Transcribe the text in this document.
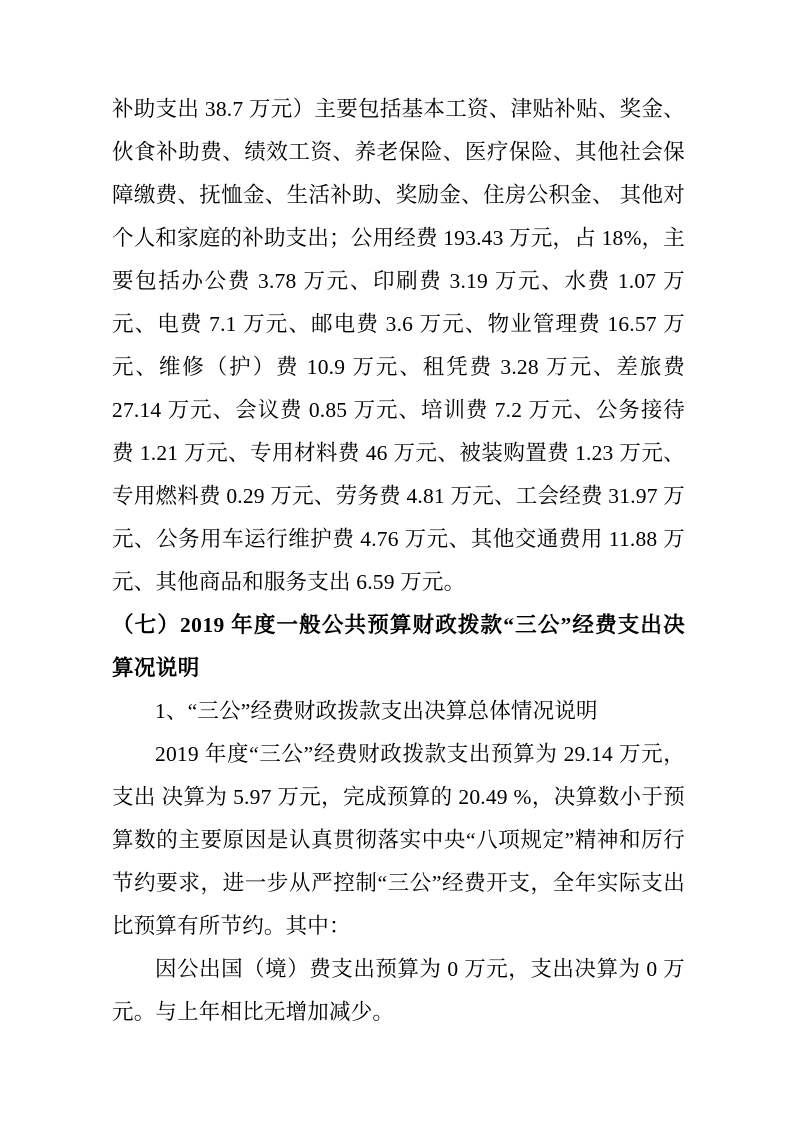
补助支出 38.7 万元）主要包括基本工资、津贴补贴、奖金、伙食补助费、绩效工资、养老保险、医疗保险、其他社会保障缴费、抚恤金、生活补助、奖励金、住房公积金、 其他对个人和家庭的补助支出；公用经费 193.43 万元，占 18%，主要包括办公费 3.78 万元、印刷费 3.19 万元、水费 1.07 万元、电费 7.1 万元、邮电费 3.6 万元、物业管理费 16.57 万元、维修（护）费 10.9 万元、租凭费 3.28 万元、差旅费 27.14 万元、会议费 0.85 万元、培训费 7.2 万元、公务接待费 1.21 万元、专用材料费 46 万元、被装购置费 1.23 万元、专用燃料费 0.29 万元、劳务费 4.81 万元、工会经费 31.97 万元、公务用车运行维护费 4.76 万元、其他交通费用 11.88 万元、其他商品和服务支出 6.59 万元。

（七）2019 年度一般公共预算财政拨款“三公”经费支出决算况说明

1、“三公”经费财政拨款支出决算总体情况说明

2019 年度“三公”经费财政拨款支出预算为 29.14 万元，支出 决算为 5.97 万元，完成预算的 20.49 %，决算数小于预算数的主要原因是认真贯彻落实中央“八项规定”精神和厉行节约要求，进一步从严控制“三公”经费开支，全年实际支出比预算有所节约。其中：

因公出国（境）费支出预算为 0 万元，支出决算为 0 万元。与上年相比无增加减少。
